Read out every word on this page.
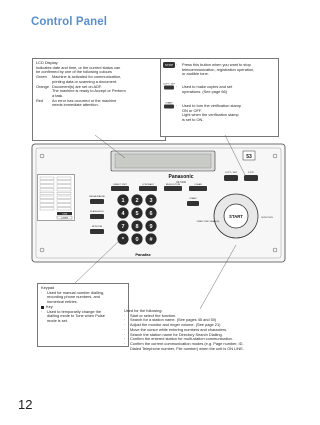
Control Panel
LCD Display
Indicates date and time, or the current status can
be confirmed by one of the following colours
Green	Machine is activated for communication,
printing data or scanning a document.
Orange Document(s) are set on ADF.
The machine is ready to Accept or Perform
a task.
Red	An error has occurred or the machine
needs immediate attention.
STOP ·	Press this button when you want to stop
telecommunication, registration operation,
or audible tone.
COPY / SET ·	Used to make copies and set
operations. (See page 66)
STAMP ·	Used to turn the verification stamp
ON or OFF.
Light when the verification stamp
is set to ON.
Panasonic
UF-5100
53
DIRECT XMT	CONTRAST	RESOLUTION	CLEAR
REDIAL/PAUSE
FLASH/HOLD
MONITOR
1 2 3
4 5 6
7 8 9
* 0 #
COPY / SET	STOP
STAMP
START
DIRECTORY SEARCH
FUNCTION
Panafax
TONE
LOWER
Keypad
·	Used for manual number dialling,
recording phone numbers, and
numerical entries.
Key
·	Used to temporarily change the
dialling mode to Tone when Pulse
mode is set.
Used for the following:
·	Start or select the function.
·	Search for a station name. (See pages 45 and 50)
·	Adjust the monitor and ringer volume. (See page 21)
·	Move the cursor while entering numbers and characters.
·	Search the station name for Directory Search Dialling.
·	Confirm the entered station for multi-station communication.
·	Confirm the current communication modes (e.g. Page number, ID,
Dialed Telephone number, File number) when the unit is ON LINE.
12
